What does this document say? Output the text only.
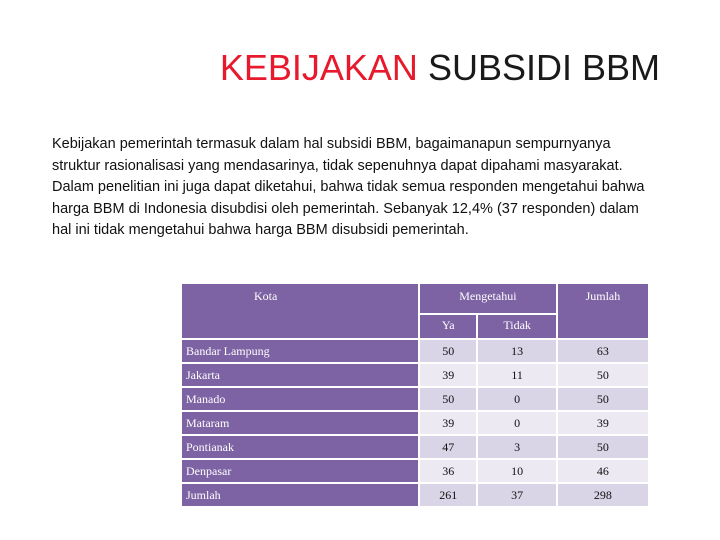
KEBIJAKAN SUBSIDI BBM

Kebijakan pemerintah termasuk dalam hal subsidi BBM, bagaimanapun sempurnyanya struktur rasionalisasi yang mendasarinya, tidak sepenuhnya dapat dipahami masyarakat. Dalam penelitian ini juga dapat diketahui, bahwa tidak semua responden mengetahui bahwa harga BBM di Indonesia disubdisi oleh pemerintah. Sebanyak 12,4% (37 responden) dalam hal ini tidak mengetahui bahwa harga BBM disubsidi pemerintah.

Kota	Mengetahui		Jumlah
	Ya	Tidak	
Bandar Lampung	50	13	63
Jakarta	39	11	50
Manado	50	0	50
Mataram	39	0	39
Pontianak	47	3	50
Denpasar	36	10	46
Jumlah	261	37	298
